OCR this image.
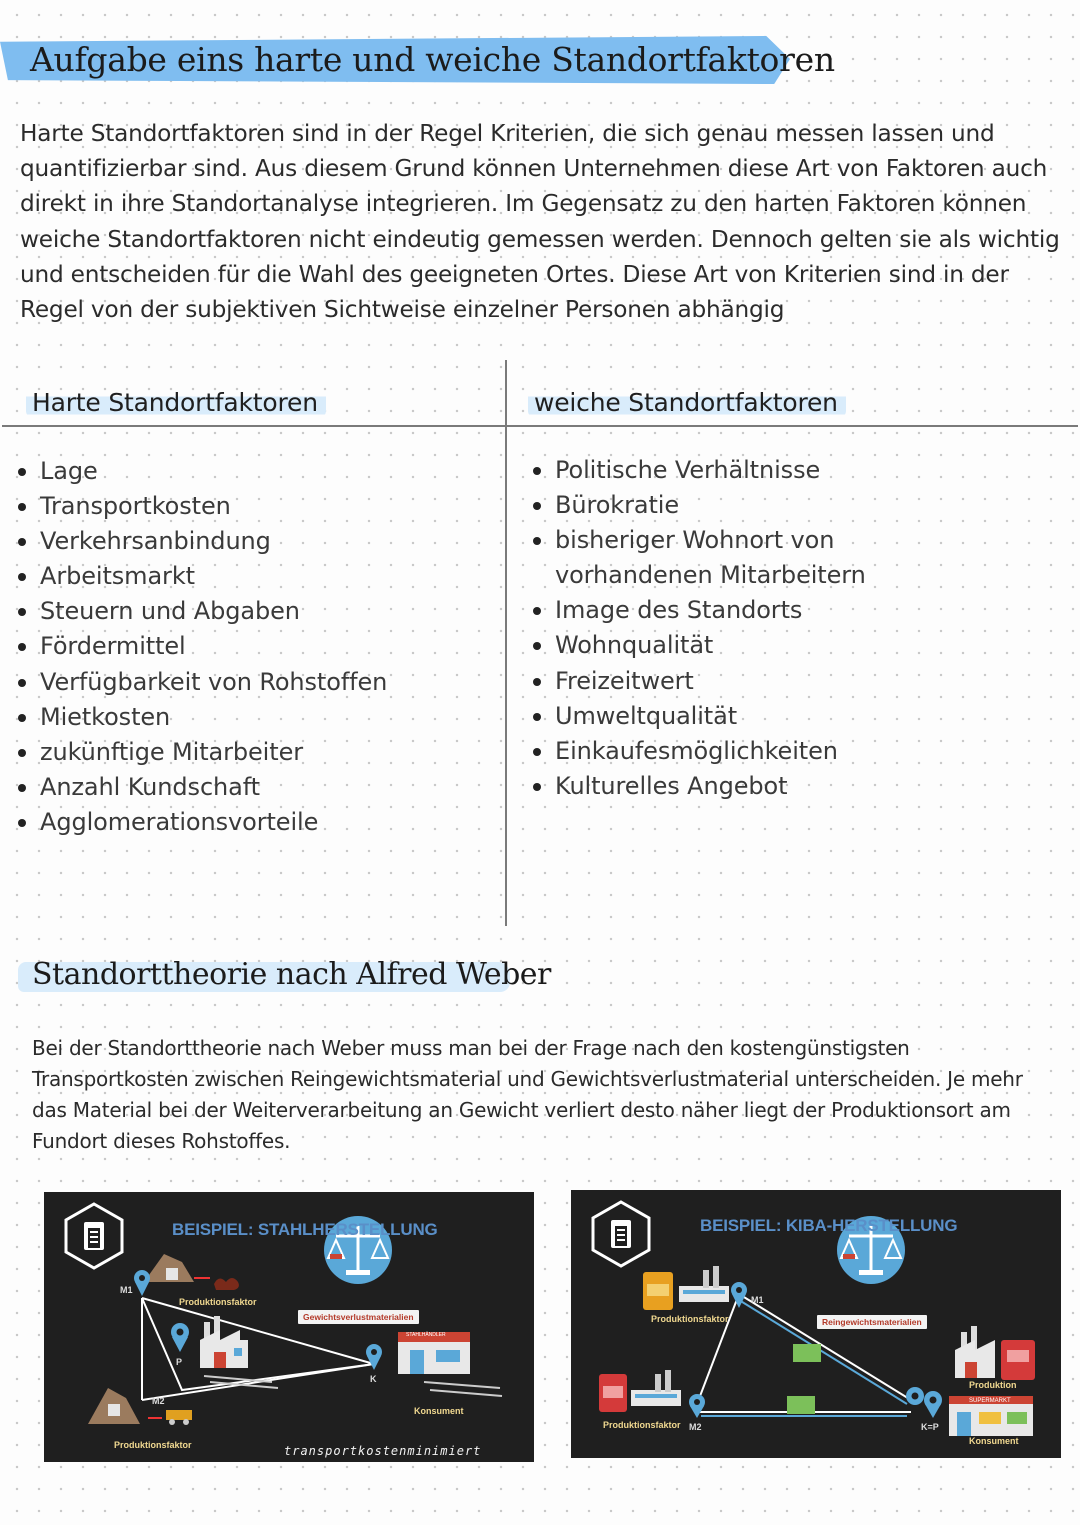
Aufgabe eins harte und weiche Standortfaktoren
Harte Standortfaktoren sind in der Regel Kriterien, die sich genau messen lassen und quantifizierbar sind. Aus diesem Grund können Unternehmen diese Art von Faktoren auch direkt in ihre Standortanalyse integrieren. Im Gegensatz zu den harten Faktoren können weiche Standortfaktoren nicht eindeutig gemessen werden. Dennoch gelten sie als wichtig und entscheiden für die Wahl des geeigneten Ortes. Diese Art von Kriterien sind in der Regel von der subjektiven Sichtweise einzelner Personen abhängig
Harte Standortfaktoren	weiche Standortfaktoren
Lage
Transportkosten
Verkehrsanbindung
Arbeitsmarkt
Steuern und Abgaben
Fördermittel
Verfügbarkeit von Rohstoffen
Mietkosten
zukünftige Mitarbeiter
Anzahl Kundschaft
Agglomerationsvorteile
Politische Verhältnisse
Bürokratie
bisheriger Wohnort von
vorhandenen Mitarbeitern
Image des Standorts
Wohnqualität
Freizeitwert
Umweltqualität
Einkaufesmöglichkeiten
Kulturelles Angebot
Standorttheorie nach Alfred Weber
Bei der Standorttheorie nach Weber muss man bei der Frage nach den kostengünstigsten Transportkosten zwischen Reingewichtsmaterial und Gewichtsverlustmaterial unterscheiden. Je mehr das Material bei der Weiterverarbeitung an Gewicht verliert desto näher liegt der Produktionsort am Fundort dieses Rohstoffes.
BEISPIEL: STAHLHERSTELLUNG
M1
Produktionsfaktor
Gewichtsverlustmaterialien
P
STAHLHÄNDLER
K
M2
Konsument
Produktionsfaktor	transportkostenminimiert
BEISPIEL: KIBA-HERSTELLUNG
Produktionsfaktor
M1
Reingewichtsmaterialien
Produktion
SUPERMARKT
Produktionsfaktor M2	K=P
Konsument
